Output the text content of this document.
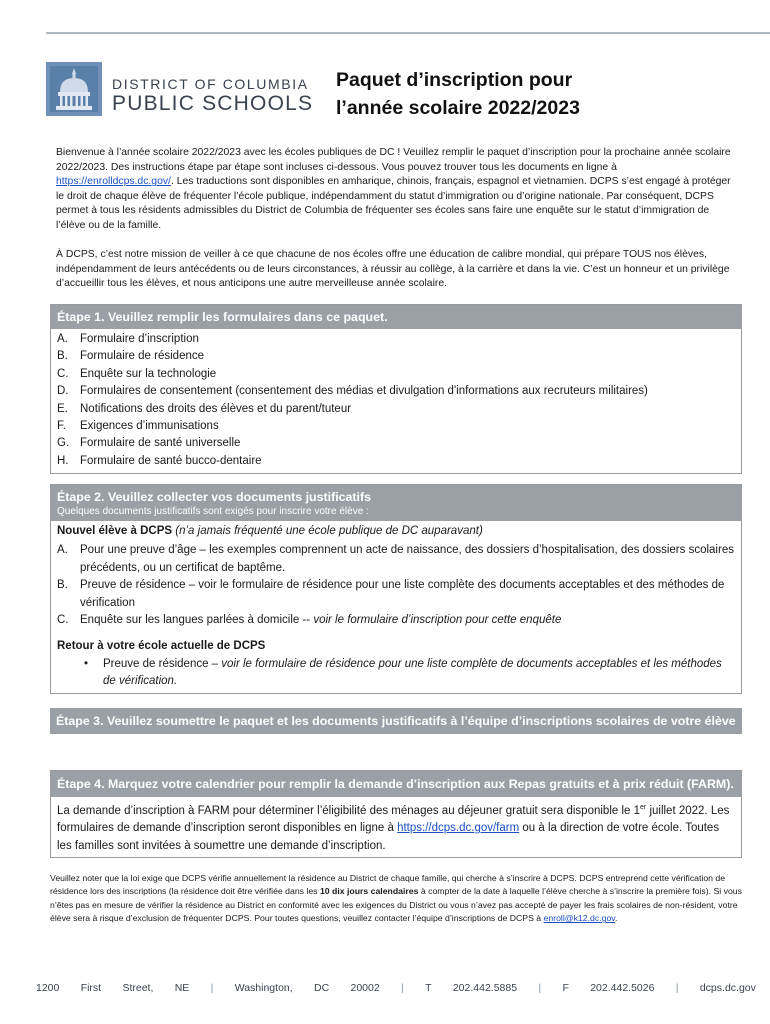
DISTRICT OF COLUMBIA
PUBLIC SCHOOLS
Paquet d’inscription pour
l’année scolaire 2022/2023
Bienvenue à l’année scolaire 2022/2023 avec les écoles publiques de DC ! Veuillez remplir le paquet d’inscription pour la prochaine année scolaire 2022/2023. Des instructions étape par étape sont incluses ci-dessous. Vous pouvez trouver tous les documents en ligne à https://enrolldcps.dc.gov/. Les traductions sont disponibles en amharique, chinois, français, espagnol et vietnamien. DCPS s’est engagé à protéger le droit de chaque élève de fréquenter l’école publique, indépendamment du statut d’immigration ou d’origine nationale. Par conséquent, DCPS permet à tous les résidents admissibles du District de Columbia de fréquenter ses écoles sans faire une enquête sur le statut d’immigration de l’élève ou de la famille.
À DCPS, c’est notre mission de veiller à ce que chacune de nos écoles offre une éducation de calibre mondial, qui prépare TOUS nos élèves, indépendamment de leurs antécédents ou de leurs circonstances, à réussir au collège, à la carrière et dans la vie. C’est un honneur et un privilège d’accueillir tous les élèves, et nous anticipons une autre merveilleuse année scolaire.
Étape 1. Veuillez remplir les formulaires dans ce paquet.
A. Formulaire d’inscription
B. Formulaire de résidence
C. Enquête sur la technologie
D. Formulaires de consentement (consentement des médias et divulgation d'informations aux recruteurs militaires)
E. Notifications des droits des élèves et du parent/tuteur
F. Exigences d’immunisations
G. Formulaire de santé universelle
H. Formulaire de santé bucco-dentaire
Étape 2. Veuillez collecter vos documents justificatifs
Quelques documents justificatifs sont exigés pour inscrire votre élève :
Nouvel élève à DCPS (n’a jamais fréquenté une école publique de DC auparavant)
A. Pour une preuve d’âge – les exemples comprennent un acte de naissance, des dossiers d’hospitalisation, des dossiers scolaires précédents, ou un certificat de baptême.
B. Preuve de résidence – voir le formulaire de résidence pour une liste complète des documents acceptables et des méthodes de vérification
C. Enquête sur les langues parlées à domicile -- voir le formulaire d’inscription pour cette enquête
Retour à votre école actuelle de DCPS
• Preuve de résidence – voir le formulaire de résidence pour une liste complète de documents acceptables et les méthodes de vérification.
Étape 3. Veuillez soumettre le paquet et les documents justificatifs à l’équipe d’inscriptions scolaires de votre élève
Étape 4. Marquez votre calendrier pour remplir la demande d’inscription aux Repas gratuits et à prix réduit (FARM).
La demande d’inscription à FARM pour déterminer l’éligibilité des ménages au déjeuner gratuit sera disponible le 1er juillet 2022. Les formulaires de demande d’inscription seront disponibles en ligne à https://dcps.dc.gov/farm ou à la direction de votre école. Toutes les familles sont invitées à soumettre une demande d’inscription.
Veuillez noter que la loi exige que DCPS vérifie annuellement la résidence au District de chaque famille, qui cherche à s’inscrire à DCPS. DCPS entreprend cette vérification de résidence lors des inscriptions (la résidence doit être vérifiée dans les 10 dix jours calendaires à compter de la date à laquelle l’élève cherche à s’inscrire la première fois). Si vous n’êtes pas en mesure de vérifier la résidence au District en conformité avec les exigences du District ou vous n’avez pas accepté de payer les frais scolaires de non-résident, votre élève sera à risque d’exclusion de fréquenter DCPS. Pour toutes questions, veuillez contacter l’équipe d’inscriptions de DCPS à enroll@k12.dc.gov.
1200 First Street, NE | Washington, DC 20002 | T 202.442.5885 | F 202.442.5026 | dcps.dc.gov
